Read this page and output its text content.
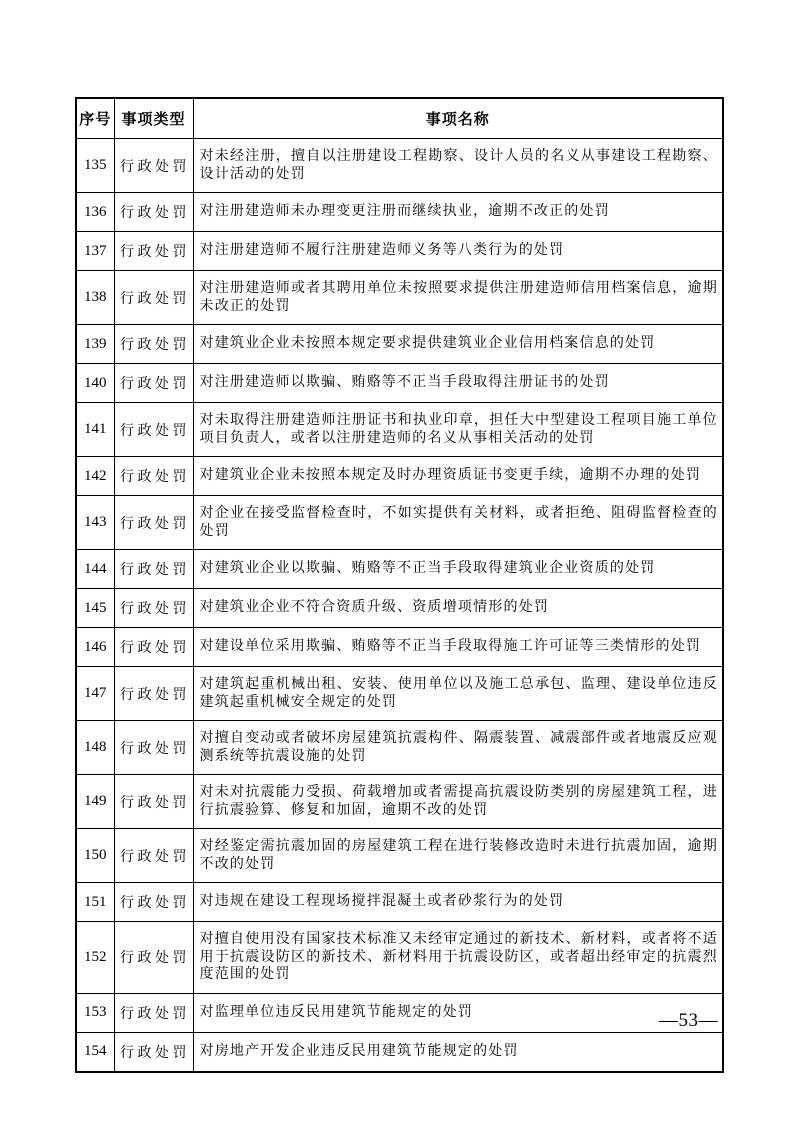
序号	事项类型	事项名称
135	行政处罚	对未经注册，擅自以注册建设工程勘察、设计人员的名义从事建设工程勘察、设计活动的处罚
136	行政处罚	对注册建造师未办理变更注册而继续执业，逾期不改正的处罚
137	行政处罚	对注册建造师不履行注册建造师义务等八类行为的处罚
138	行政处罚	对注册建造师或者其聘用单位未按照要求提供注册建造师信用档案信息，逾期未改正的处罚
139	行政处罚	对建筑业企业未按照本规定要求提供建筑业企业信用档案信息的处罚
140	行政处罚	对注册建造师以欺骗、贿赂等不正当手段取得注册证书的处罚
141	行政处罚	对未取得注册建造师注册证书和执业印章，担任大中型建设工程项目施工单位项目负责人，或者以注册建造师的名义从事相关活动的处罚
142	行政处罚	对建筑业企业未按照本规定及时办理资质证书变更手续，逾期不办理的处罚
143	行政处罚	对企业在接受监督检查时，不如实提供有关材料，或者拒绝、阻碍监督检查的处罚
144	行政处罚	对建筑业企业以欺骗、贿赂等不正当手段取得建筑业企业资质的处罚
145	行政处罚	对建筑业企业不符合资质升级、资质增项情形的处罚
146	行政处罚	对建设单位采用欺骗、贿赂等不正当手段取得施工许可证等三类情形的处罚
147	行政处罚	对建筑起重机械出租、安装、使用单位以及施工总承包、监理、建设单位违反建筑起重机械安全规定的处罚
148	行政处罚	对擅自变动或者破坏房屋建筑抗震构件、隔震装置、减震部件或者地震反应观测系统等抗震设施的处罚
149	行政处罚	对未对抗震能力受损、荷载增加或者需提高抗震设防类别的房屋建筑工程，进行抗震验算、修复和加固，逾期不改的处罚
150	行政处罚	对经鉴定需抗震加固的房屋建筑工程在进行装修改造时未进行抗震加固，逾期不改的处罚
151	行政处罚	对违规在建设工程现场搅拌混凝土或者砂浆行为的处罚
152	行政处罚	对擅自使用没有国家技术标准又未经审定通过的新技术、新材料，或者将不适用于抗震设防区的新技术、新材料用于抗震设防区，或者超出经审定的抗震烈度范围的处罚
153	行政处罚	对监理单位违反民用建筑节能规定的处罚
154	行政处罚	对房地产开发企业违反民用建筑节能规定的处罚
—53—
